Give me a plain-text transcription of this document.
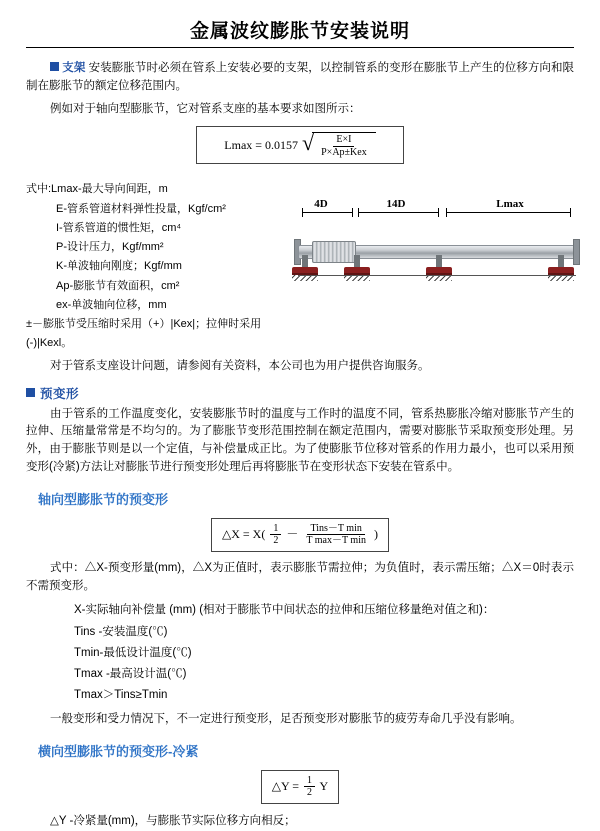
金属波纹膨胀节安装说明

支架 安装膨胀节时必须在管系上安装必要的支架，以控制管系的变形在膨胀节上产生的位移方向和限制在膨胀节的额定位移范围内。

例如对于轴向型膨胀节，它对管系支座的基本要求如图所示：

Lmax = 0.0157 √ $\frac{E\times I}{\text{P×Ap±Kex}}$
式中:Lmax-最大导向间距，m
E-管系管道材料弹性投量，Kgf/cm²
I-管系管道的惯性矩，cm⁴
P-设计压力，Kgf/mm²
K-单波轴向刚度；Kgf/mm
Ap-膨胀节有效面积，cm²
ex-单波轴向位移，mm
±－膨胀节受压缩时采用（+）|Kex|；拉伸时采用(-)|Kexl。
4D	14D	Lmax

对于管系支座设计问题，请参阅有关资料，本公司也为用户提供咨询服务。

预变形

由于管系的工作温度变化，安装膨胀节时的温度与工作时的温度不同，管系热膨胀冷缩对膨胀节产生的拉伸、压缩量常常是不均匀的。为了膨胀节变形范围控制在额定范围内，需要对膨胀节采取预变形处理。另外，由于膨胀节则是以一个定值，与补偿量成正比。为了使膨胀节位移对管系的作用力最小，也可以采用预变形(冷紧)方法让对膨胀节进行预变形处理后再将膨胀节在变形状态下安装在管系中。

轴向型膨胀节的预变形
△X = $X( \frac{1}{2} - \frac{\text{Tins－T min}}{\text{T max－T min}}$ )

式中：△X-预变形量(mm)，△X为正值时，表示膨胀节需拉伸；为负值时，表示需压缩；△X＝0时表示不需预变形。

X-实际轴向补偿量 (mm) (相对于膨胀节中间状态的拉伸和压缩位移量绝对值之和)：
Tins -安装温度(℃)
Tmin-最低设计温度(℃)
Tmax -最高设计温(℃)
Tmax＞Tins≥Tmin

一般变形和受力情况下，不一定进行预变形，足否预变形对膨胀节的疲劳寿命几乎没有影响。

横向型膨胀节的预变形-冷紧
△Y = $\frac{1}{2}$ Y
△Y -冷紧量(mm)，与膨胀节实际位移方向相反；
